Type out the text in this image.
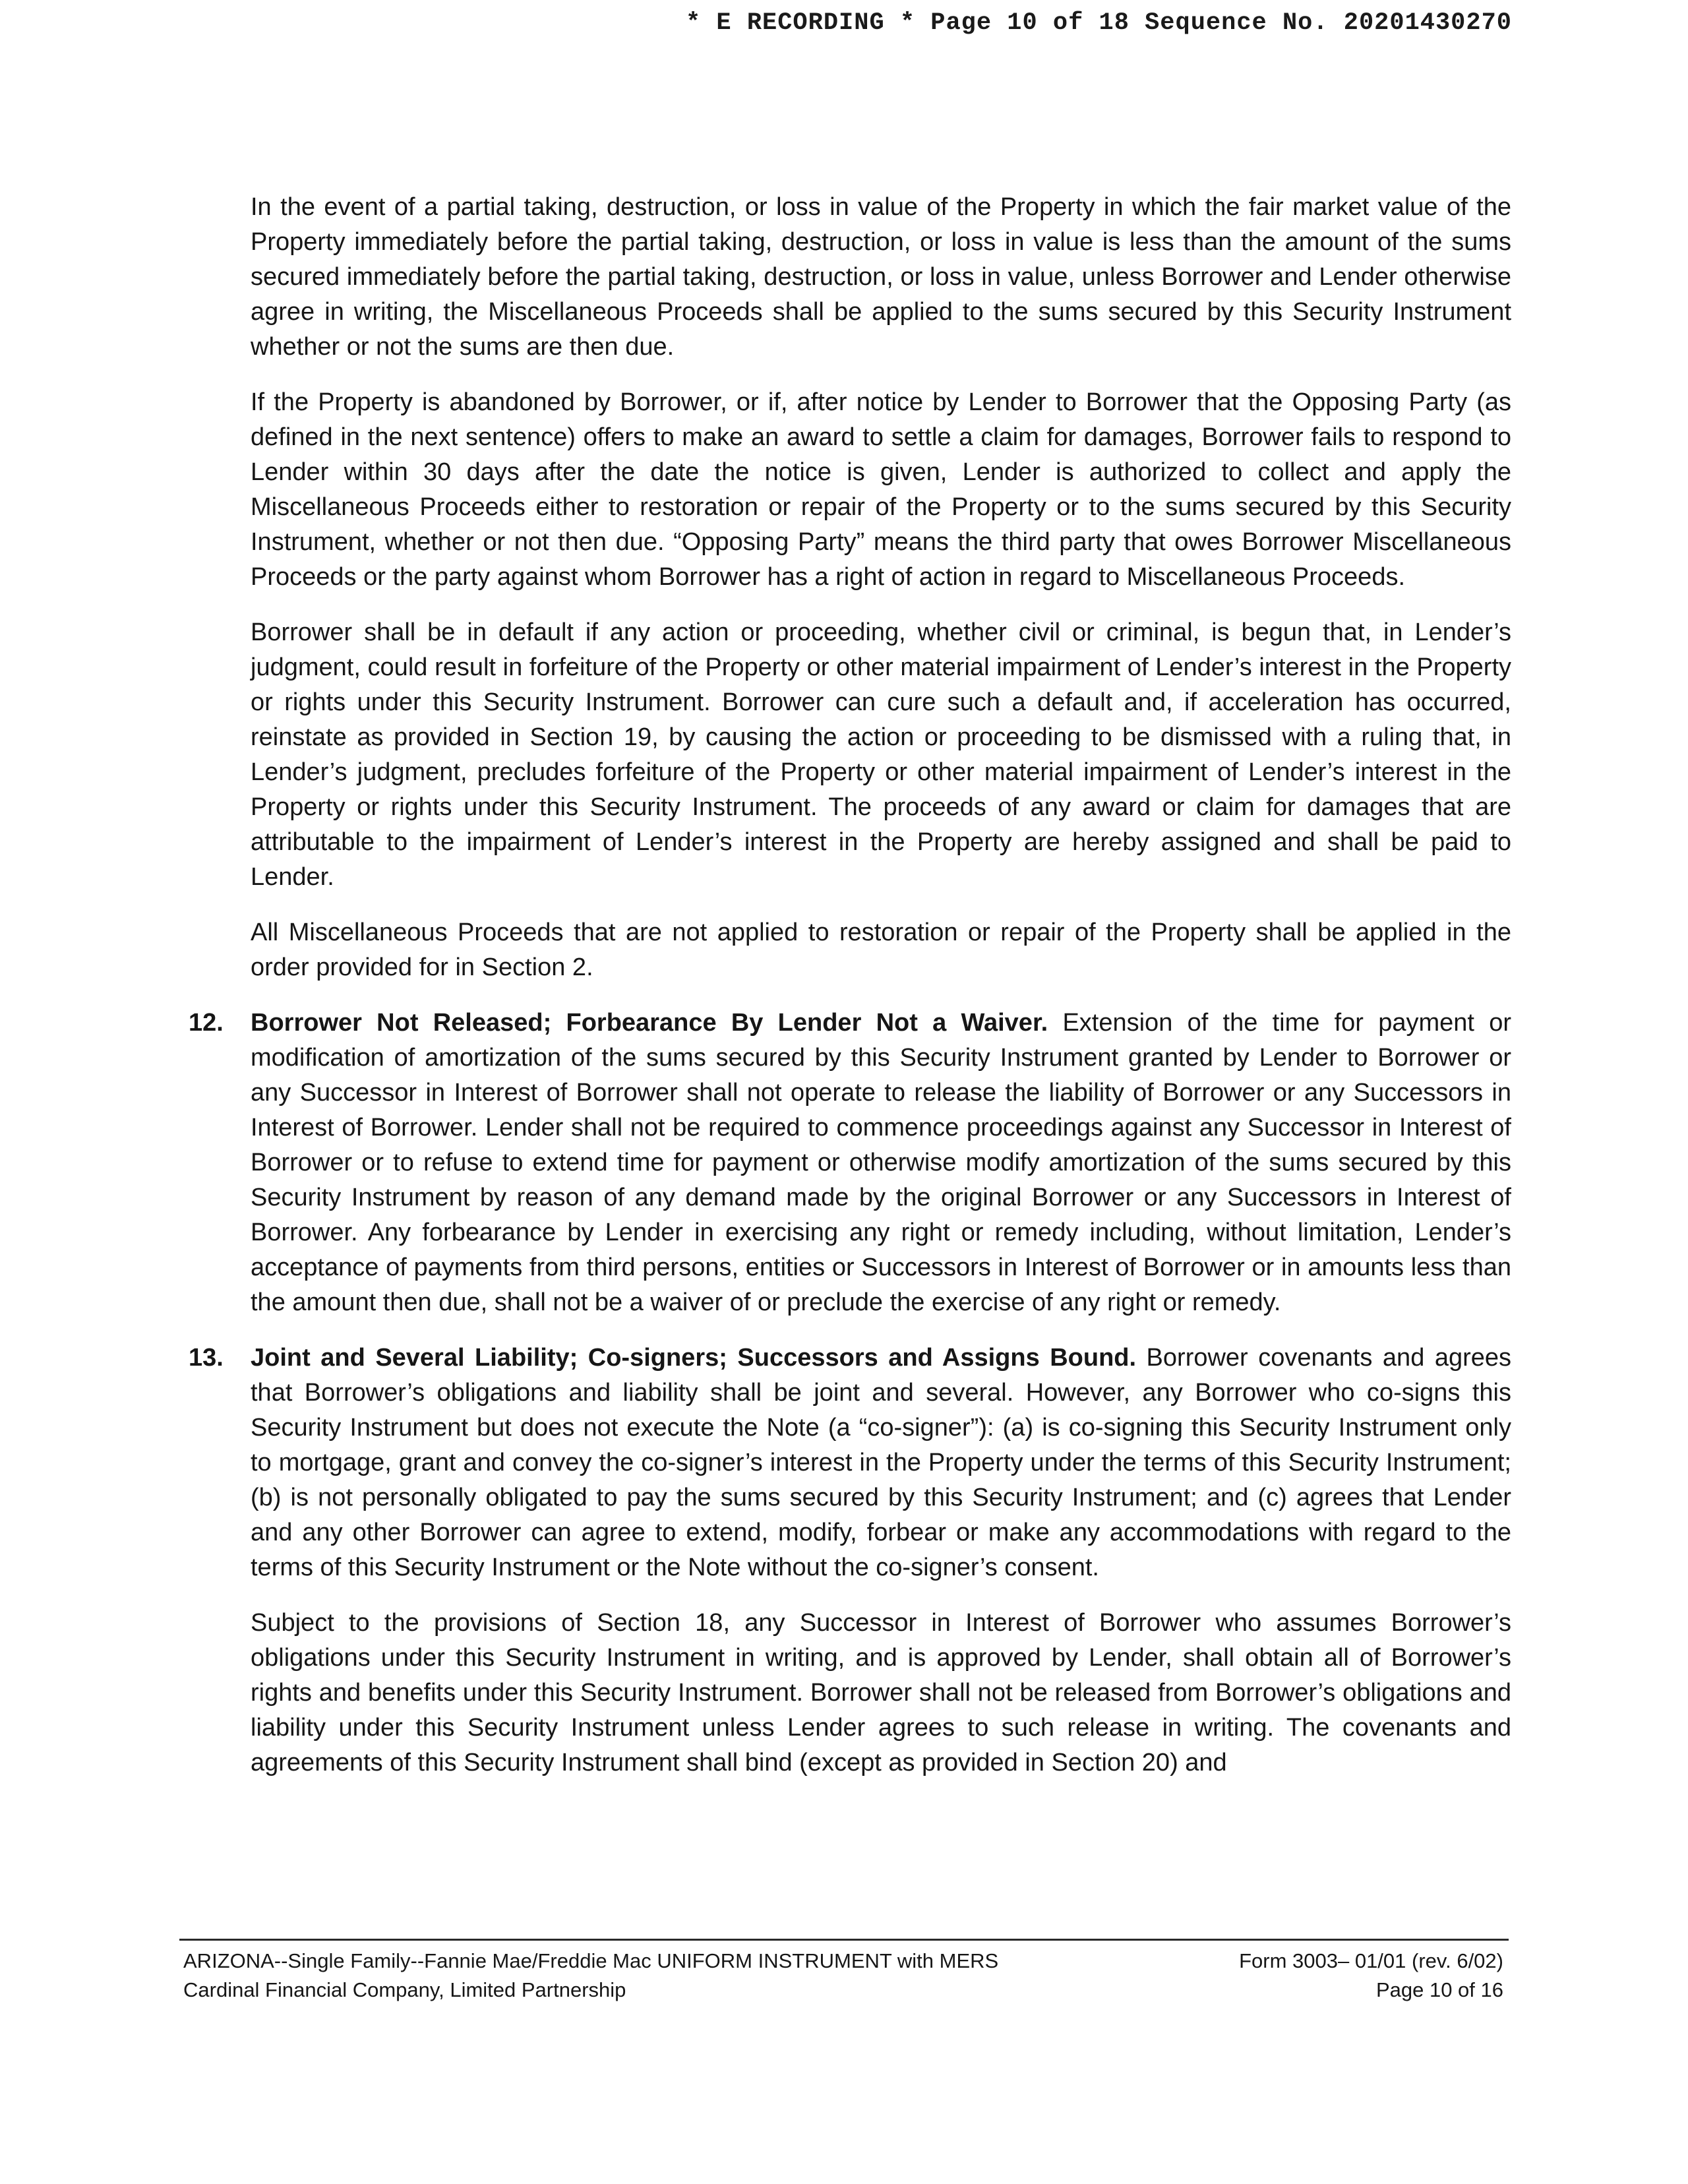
* E RECORDING * Page 10 of 18 Sequence No. 20201430270

In the event of a partial taking, destruction, or loss in value of the Property in which the fair market value of the Property immediately before the partial taking, destruction, or loss in value is less than the amount of the sums secured immediately before the partial taking, destruction, or loss in value, unless Borrower and Lender otherwise agree in writing, the Miscellaneous Proceeds shall be applied to the sums secured by this Security Instrument whether or not the sums are then due.

If the Property is abandoned by Borrower, or if, after notice by Lender to Borrower that the Opposing Party (as defined in the next sentence) offers to make an award to settle a claim for damages, Borrower fails to respond to Lender within 30 days after the date the notice is given, Lender is authorized to collect and apply the Miscellaneous Proceeds either to restoration or repair of the Property or to the sums secured by this Security Instrument, whether or not then due. “Opposing Party” means the third party that owes Borrower Miscellaneous Proceeds or the party against whom Borrower has a right of action in regard to Miscellaneous Proceeds.

Borrower shall be in default if any action or proceeding, whether civil or criminal, is begun that, in Lender’s judgment, could result in forfeiture of the Property or other material impairment of Lender’s interest in the Property or rights under this Security Instrument. Borrower can cure such a default and, if acceleration has occurred, reinstate as provided in Section 19, by causing the action or proceeding to be dismissed with a ruling that, in Lender’s judgment, precludes forfeiture of the Property or other material impairment of Lender’s interest in the Property or rights under this Security Instrument. The proceeds of any award or claim for damages that are attributable to the impairment of Lender’s interest in the Property are hereby assigned and shall be paid to Lender.

All Miscellaneous Proceeds that are not applied to restoration or repair of the Property shall be applied in the order provided for in Section 2.

12.	Borrower Not Released; Forbearance By Lender Not a Waiver. Extension of the time for payment or modification of amortization of the sums secured by this Security Instrument granted by Lender to Borrower or any Successor in Interest of Borrower shall not operate to release the liability of Borrower or any Successors in Interest of Borrower. Lender shall not be required to commence proceedings against any Successor in Interest of Borrower or to refuse to extend time for payment or otherwise modify amortization of the sums secured by this Security Instrument by reason of any demand made by the original Borrower or any Successors in Interest of Borrower. Any forbearance by Lender in exercising any right or remedy including, without limitation, Lender’s acceptance of payments from third persons, entities or Successors in Interest of Borrower or in amounts less than the amount then due, shall not be a waiver of or preclude the exercise of any right or remedy.
13.	Joint and Several Liability; Co-signers; Successors and Assigns Bound. Borrower covenants and agrees that Borrower’s obligations and liability shall be joint and several. However, any Borrower who co-signs this Security Instrument but does not execute the Note (a “co-signer”): (a) is co-signing this Security Instrument only to mortgage, grant and convey the co-signer’s interest in the Property under the terms of this Security Instrument; (b) is not personally obligated to pay the sums secured by this Security Instrument; and (c) agrees that Lender and any other Borrower can agree to extend, modify, forbear or make any accommodations with regard to the terms of this Security Instrument or the Note without the co-signer’s consent.

Subject to the provisions of Section 18, any Successor in Interest of Borrower who assumes Borrower’s obligations under this Security Instrument in writing, and is approved by Lender, shall obtain all of Borrower’s rights and benefits under this Security Instrument. Borrower shall not be released from Borrower’s obligations and liability under this Security Instrument unless Lender agrees to such release in writing. The covenants and agreements of this Security Instrument shall bind (except as provided in Section 20) and

ARIZONA--Single Family--Fannie Mae/Freddie Mac UNIFORM INSTRUMENT with MERS
Cardinal Financial Company, Limited Partnership
Form 3003– 01/01 (rev. 6/02)
Page 10 of 16
